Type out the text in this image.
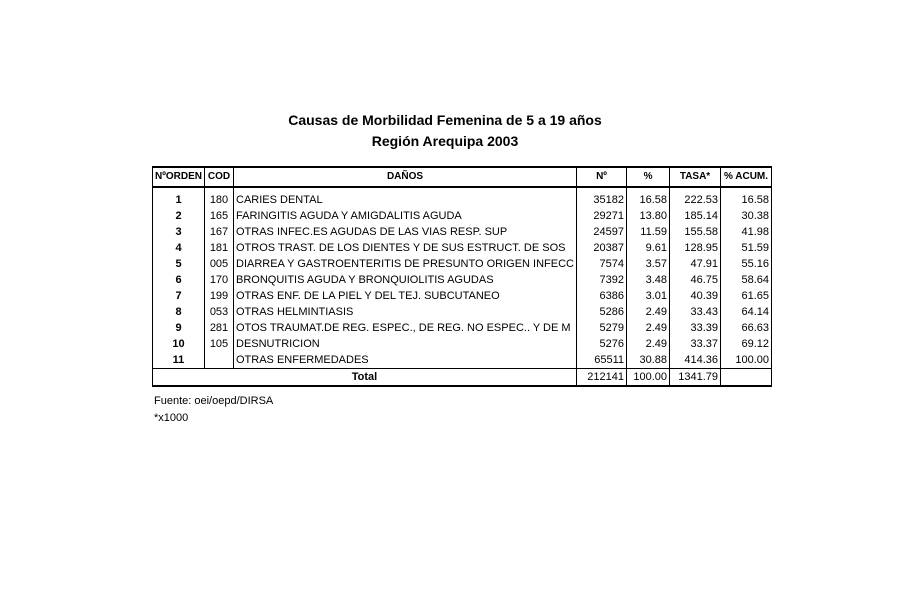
Causas de Morbilidad Femenina de 5 a 19 años
Región Arequipa 2003
NºORDEN	COD	DAÑOS	Nº	%	TASA*	% ACUM.

1	180	CARIES DENTAL	35182	16.58	222.53	16.58
2	165	FARINGITIS AGUDA Y AMIGDALITIS AGUDA	29271	13.80	185.14	30.38
3	167	OTRAS INFEC.ES AGUDAS DE LAS VIAS RESP. SUP	24597	11.59	155.58	41.98
4	181	OTROS TRAST. DE LOS DIENTES Y DE SUS ESTRUCT. DE SOS	20387	9.61	128.95	51.59
5	005	DIARREA Y GASTROENTERITIS DE PRESUNTO ORIGEN INFECC	7574	3.57	47.91	55.16
6	170	BRONQUITIS AGUDA Y BRONQUIOLITIS AGUDAS	7392	3.48	46.75	58.64
7	199	OTRAS ENF. DE LA PIEL Y DEL TEJ. SUBCUTANEO	6386	3.01	40.39	61.65
8	053	OTRAS HELMINTIASIS	5286	2.49	33.43	64.14
9	281	OTOS TRAUMAT.DE REG. ESPEC., DE REG. NO ESPEC.. Y DE M	5279	2.49	33.39	66.63
10	105	DESNUTRICION	5276	2.49	33.37	69.12
11		OTRAS ENFERMEDADES	65511	30.88	414.36	100.00
Total			212141	100.00	1341.79	
Fuente: oei/oepd/DIRSA
*x1000
